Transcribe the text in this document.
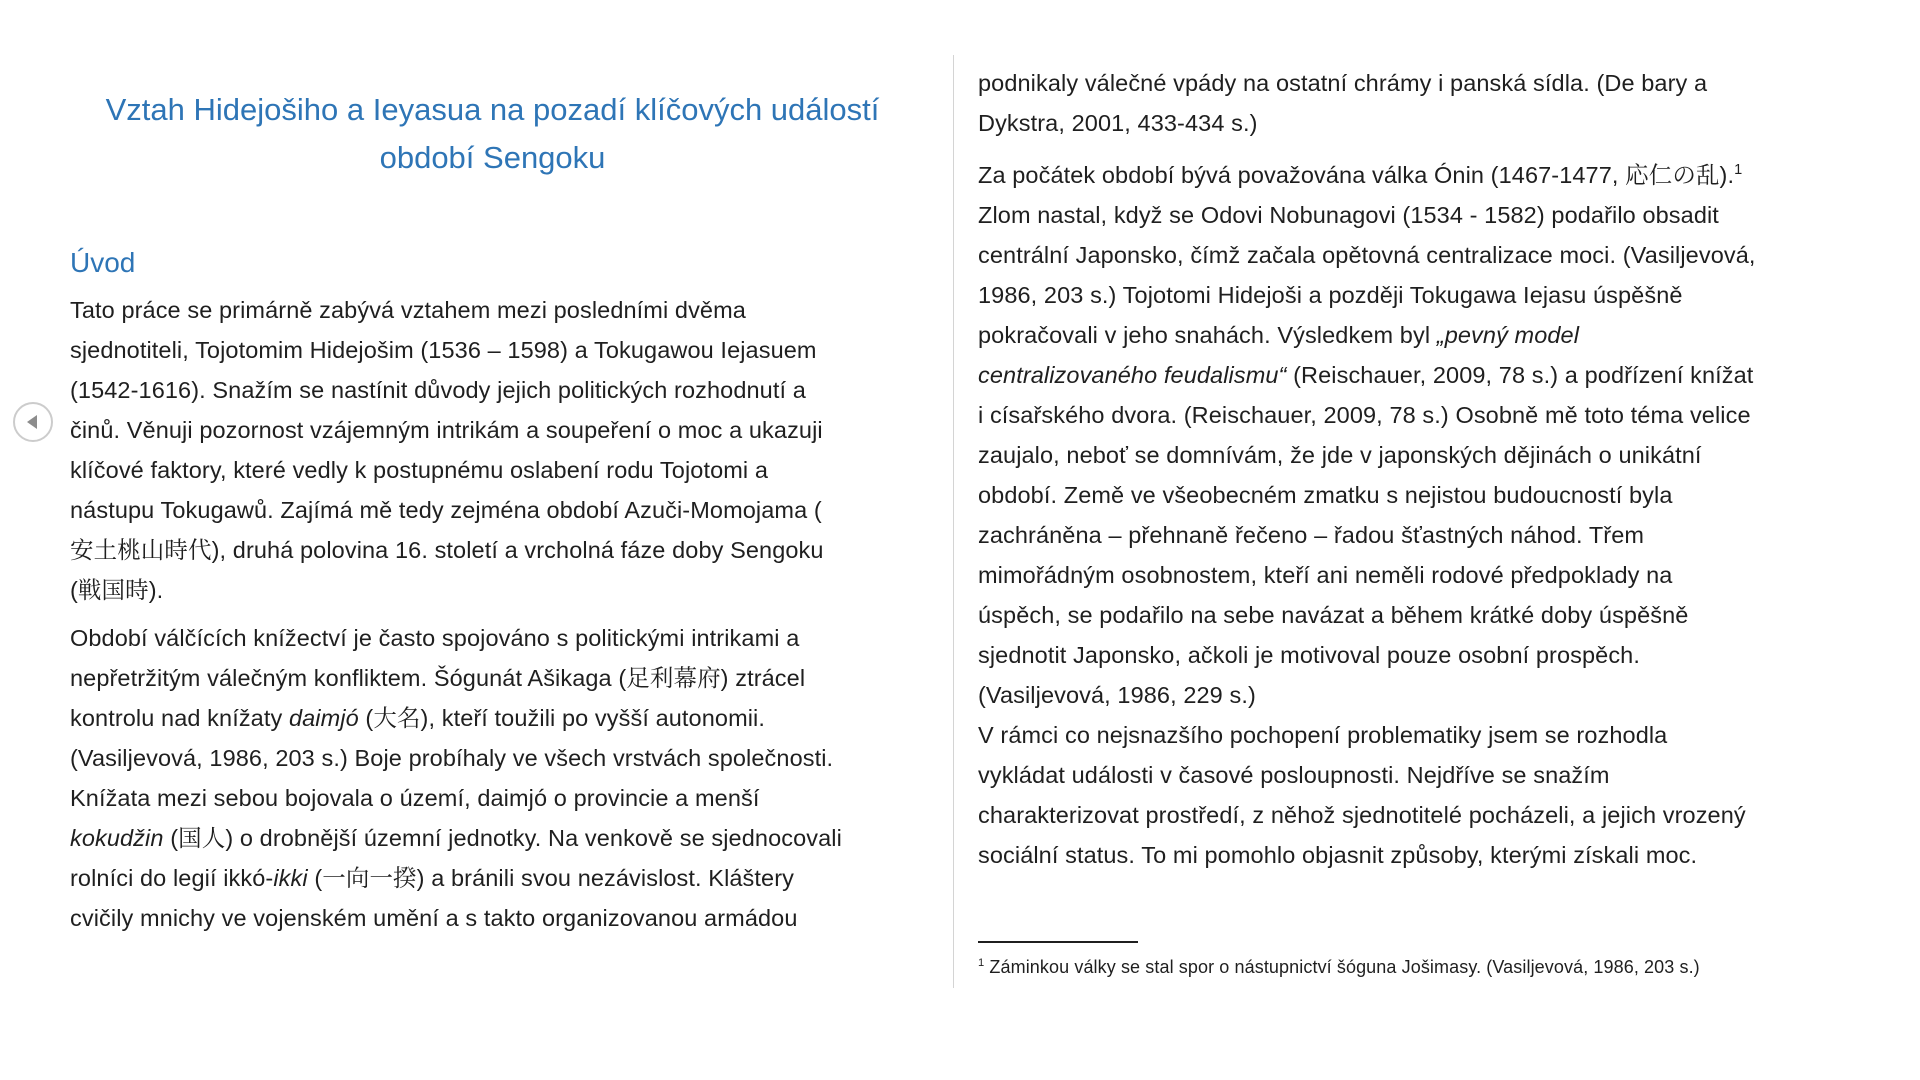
Vztah Hidejošiho a Ieyasua na pozadí klíčových událostí
období Sengoku
Úvod
Tato práce se primárně zabývá vztahem mezi posledními dvěma
sjednotiteli, Tojotomim Hidejošim (1536 – 1598) a Tokugawou Iejasuem
(1542-1616). Snažím se nastínit důvody jejich politických rozhodnutí a
činů. Věnuji pozornost vzájemným intrikám a soupeření o moc a ukazuji
klíčové faktory, které vedly k postupnému oslabení rodu Tojotomi a
nástupu Tokugawů. Zajímá mě tedy zejména období Azuči-Momojama (
安土桃山時代), druhá polovina 16. století a vrcholná fáze doby Sengoku
(戦国時).
Období válčících knížectví je často spojováno s politickými intrikami a
nepřetržitým válečným konfliktem. Šógunát Ašikaga (足利幕府) ztrácel
kontrolu nad knížaty daimjó (大名), kteří toužili po vyšší autonomii.
(Vasiljevová, 1986, 203 s.) Boje probíhaly ve všech vrstvách společnosti.
Knížata mezi sebou bojovala o území, daimjó o provincie a menší
kokudžin (国人) o drobnější územní jednotky. Na venkově se sjednocovali
rolníci do legií ikkó-ikki (一向一揆) a bránili svou nezávislost. Kláštery
cvičily mnichy ve vojenském umění a s takto organizovanou armádou
podnikaly válečné vpády na ostatní chrámy i panská sídla. (De bary a
Dykstra, 2001, 433-434 s.)
Za počátek období bývá považována válka Ónin (1467-1477, 応仁の乱).$^1$
Zlom nastal, když se Odovi Nobunagovi (1534 - 1582) podařilo obsadit
centrální Japonsko, čímž začala opětovná centralizace moci. (Vasiljevová,
1986, 203 s.) Tojotomi Hidejoši a později Tokugawa Iejasu úspěšně
pokračovali v jeho snahách. Výsledkem byl „pevný model
centralizovaného feudalismu“ (Reischauer, 2009, 78 s.) a podřízení knížat
i císařského dvora. (Reischauer, 2009, 78 s.) Osobně mě toto téma velice
zaujalo, neboť se domnívám, že jde v japonských dějinách o unikátní
období. Země ve všeobecném zmatku s nejistou budoucností byla
zachráněna – přehnaně řečeno – řadou šťastných náhod. Třem
mimořádným osobnostem, kteří ani neměli rodové předpoklady na
úspěch, se podařilo na sebe navázat a během krátké doby úspěšně
sjednotit Japonsko, ačkoli je motivoval pouze osobní prospěch.
(Vasiljevová, 1986, 229 s.)
V rámci co nejsnazšího pochopení problematiky jsem se rozhodla
vykládat události v časové posloupnosti. Nejdříve se snažím
charakterizovat prostředí, z něhož sjednotitelé pocházeli, a jejich vrozený
sociální status. To mi pomohlo objasnit způsoby, kterými získali moc.
$^1$ Záminkou války se stal spor o nástupnictví šóguna Jošimasy. (Vasiljevová, 1986, 203 s.)
